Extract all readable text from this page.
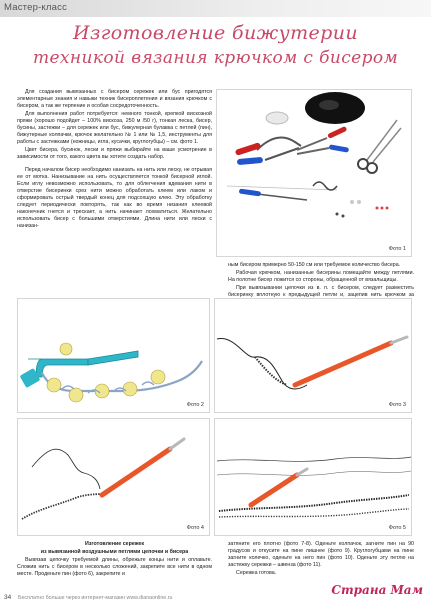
Мастер-класс
Изготовление бижутерии
техникой вязания крючком с бисером

Для создания вывязанных с бисером сережек или бус пригодятся элементарные знания и навыки техник бисероплетения и вязания крючком с бисером, а так же терпение и особая сосредоточенность.

Для выполнения работ потребуется: немного тонкой, крепкой вискозной пряжи (хорошо подойдет – 100% вискоза, 250 м /50 г), тонкая леска, бисер, бусины, застежки – для сережек или бус, бижулерная булавка с петлей (пин), бижутерные колпачки, крючок желательно № 1 или № 1,5, инструменты для работы с застежками (ножницы, игла, кусачки, круглогубцы) – см. фото 1.

Цвет бисера, бусинок, лески и пряжи выбирайте на ваше усмотрение в зависимости от того, какого цвета вы хотите создать набор.

Перед началом бисер необходимо нанизать на нить или леску, не отрывая ее от мотка. Нанизывание на нить осуществляется тонкой бисерной иглой. Если иглу невозможно использовать, то для облегчения вдевания нити в отверстие бисеринки срез нити можно обработать клеем или лаком и сформировать острый твердый конец для подсохшую клею. Эту обработку следует периодически повторять, так как во время низания клеевой наконечник гнется и трескает, а нить начинает лохматиться. Желательно использовать бисер с большими отверстиями. Длина нити или лески с нанизан-

Фото 1

ным бисером примерно 50-150 см или требуемое количество бисера.

Рабочая крючком, нанизанные бисерины помещайте между петлями. На полотне бисер ложится со стороны, обращенной от вязальщицы.

При вывязывании цепочки из в. п. с бисером, следует разместить бисеринку вплотную к предыдущей петли и, зацепив нить крючком за

Фото 2	Фото 3
Фото 4	Фото 5

Изготовление сережек

из вывязанной воздушными петлями цепочки и бисера

Вывязав цепочку требуемой длины, обрежьте концы нити и оплавьте. Сложив нить с бисером в несколько сложений, закрепите все нити в одном месте. Проденьте пин (фото 6), закрепите и

затяните его плотно (фото 7-8). Оденьте колпачок, загните пин на 90 градусов и откусите на пине лишнее (фото 9). Круглогубцами на пине загните колечко, оденьте на него пин (фото 10). Оденьте эту петлю на застежку сережки – швенза (фото 11).

Сережка готова.

34 Бесплатно больше через интернет-магазин www.dianaonline.ru
Страна Мам
